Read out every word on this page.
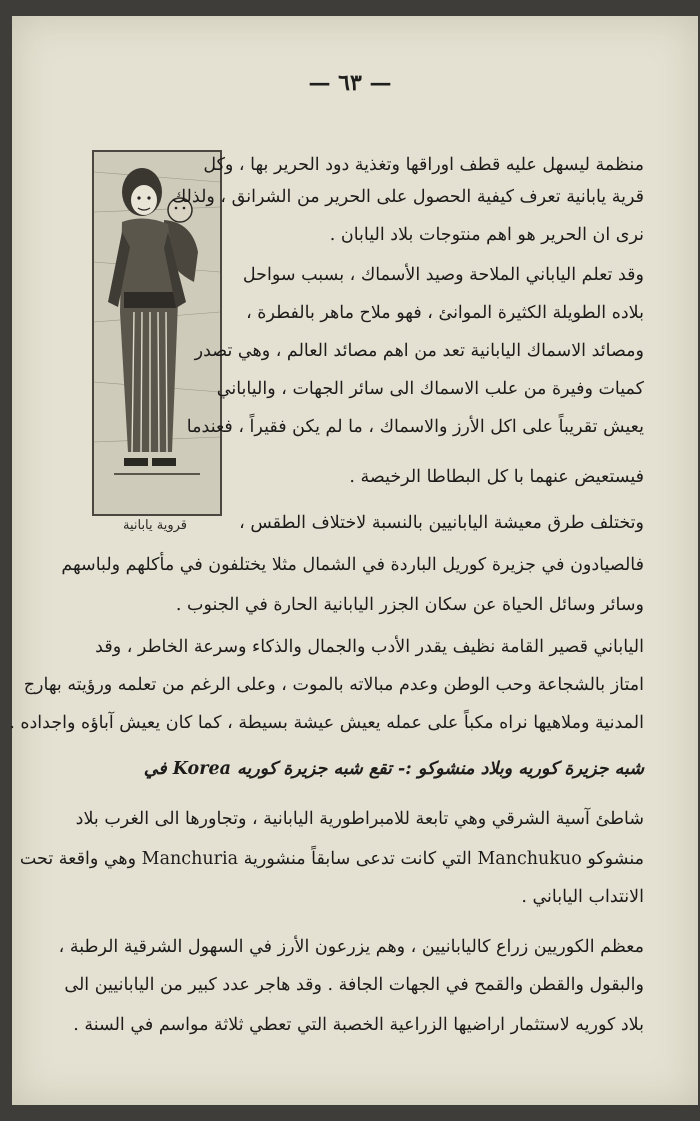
— ٦٣ —
قروية يابانية
منظمة ليسهل عليه قطف اوراقها وتغذية دود الحرير بها ، وكل
قرية يابانية تعرف كيفية الحصول على الحرير من الشرانق ، ولذلك
نرى ان الحرير هو اهم منتوجات بلاد اليابان .
وقد تعلم الياباني الملاحة وصيد الأسماك ، بسبب سواحل
بلاده الطويلة الكثيرة الموانئ ، فهو ملاح ماهر بالفطرة ،
ومصائد الاسماك اليابانية تعد من اهم مصائد العالم ، وهي تصدر
كميات وفيرة من علب الاسماك الى سائر الجهات ، والياباني
يعيش تقريباً على اكل الأرز والاسماك ، ما لم يكن فقيراً ، فعندما
فيستعيض عنهما با كل البطاطا الرخيصة .
وتختلف طرق معيشة اليابانيين بالنسبة لاختلاف الطقس ،
فالصيادون في جزيرة كوريل الباردة في الشمال مثلا يختلفون في مأكلهم ولباسهم
وسائر وسائل الحياة عن سكان الجزر اليابانية الحارة في الجنوب .
الياباني قصير القامة نظيف يقدر الأدب والجمال والذكاء وسرعة الخاطر ، وقد
امتاز بالشجاعة وحب الوطن وعدم مبالاته بالموت ، وعلى الرغم من تعلمه ورؤيته بهارج
المدنية وملاهيها نراه مكباً على عمله يعيش عيشة بسيطة ، كما كان يعيش آباؤه واجداده .
شبه جزيرة كوريه وبلاد منشوكو :- تقع شبه جزيرة كوريه Korea في
شاطئ آسية الشرقي وهي تابعة للامبراطورية اليابانية ، وتجاورها الى الغرب بلاد
منشوكو Manchukuo التي كانت تدعى سابقاً منشورية Manchuria وهي واقعة تحت
الانتداب الياباني .
معظم الكوريين زراع كاليابانيين ، وهم يزرعون الأرز في السهول الشرقية الرطبة ،
والبقول والقطن والقمح في الجهات الجافة . وقد هاجر عدد كبير من اليابانيين الى
بلاد كوريه لاستثمار اراضيها الزراعية الخصبة التي تعطي ثلاثة مواسم في السنة .
